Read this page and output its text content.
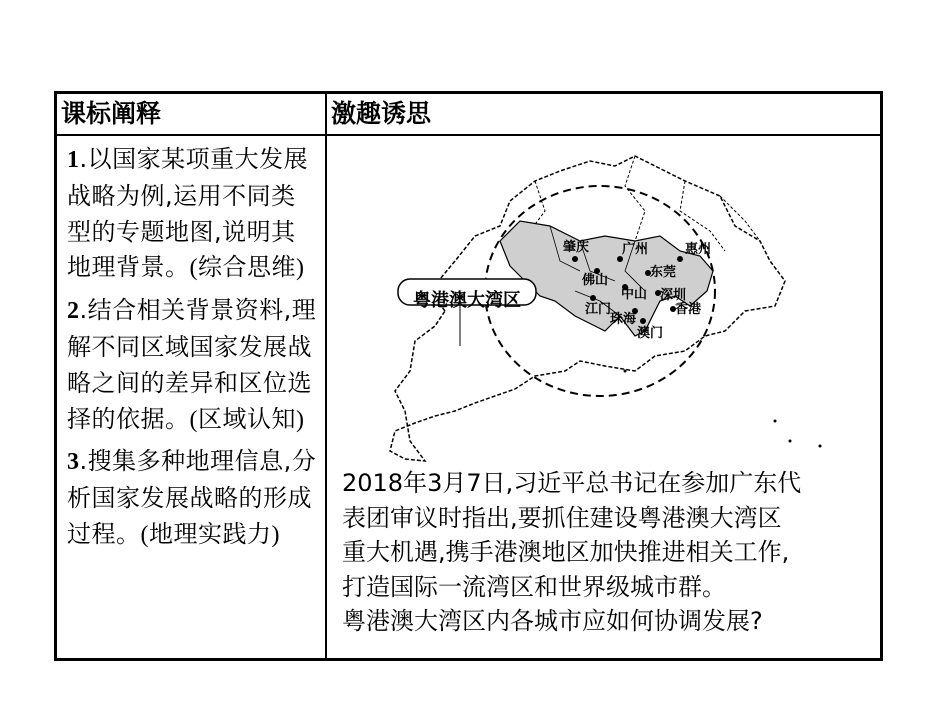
课标阐释	激趣诱思
1.以国家某项重大发展战略为例,运用不同类型的专题地图,说明其地理背景。(综合思维)
2.结合相关背景资料,理解不同区域国家发展战略之间的差异和区位选择的依据。(区域认知)
3.搜集多种地理信息,分析国家发展战略的形成过程。(地理实践力)
粤港澳大湾区
肇庆	广州	惠州
佛山
东莞
中山
江门
深圳
香港
珠海
澳门
2018年3月7日,习近平总书记在参加广东代
表团审议时指出,要抓住建设粤港澳大湾区
重大机遇,携手港澳地区加快推进相关工作,
打造国际一流湾区和世界级城市群。
粤港澳大湾区内各城市应如何协调发展?
